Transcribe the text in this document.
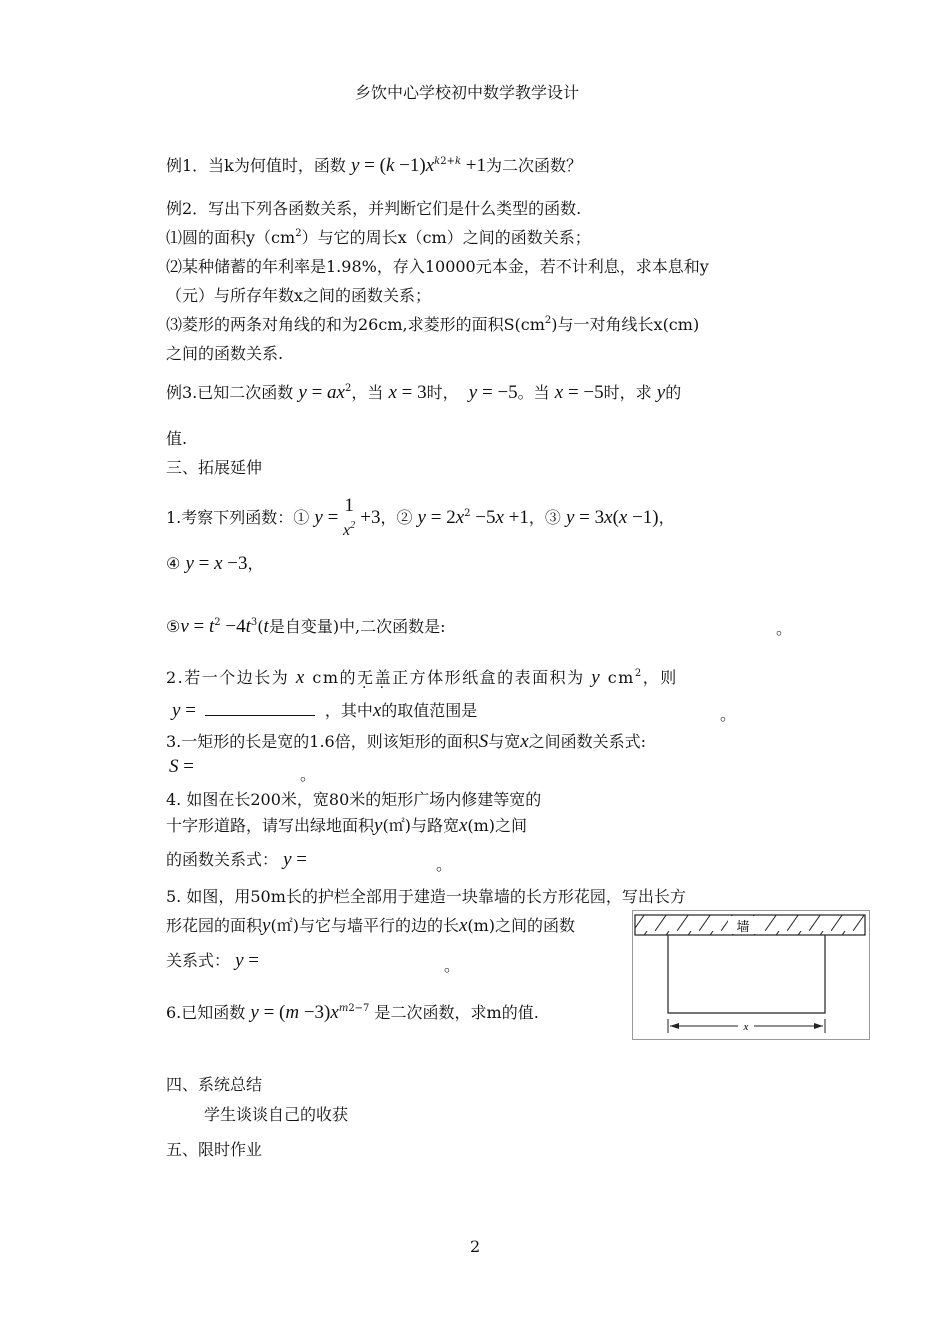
乡饮中心学校初中数学教学设计
例1．当k为何值时，函数 $y = (k -1)x^{k2+k} +1$为二次函数？
例2．写出下列各函数关系，并判断它们是什么类型的函数.
⑴圆的面积$y(cm^2)$与它的周长x（cm）之间的函数关系；
⑵某种储蓄的年利率是1.98%，存入10000元本金，若不计利息，求本息和y
（元）与所存年数x之间的函数关系；
⑶菱形的两条对角线的和为26cm,求菱形的面积$S(cm^2)$与一对角线长x(cm)
之间的函数关系.
例3.已知二次函数 $y = ax^2$，当 x = 3时， y = −5。当 x = −5时，求 y的
值.
三、拓展延伸
1.考察下列函数：① y =
1
$x^2 +3$，② $y = 2x^2 -5x +1$，③ y = 3x(x −1)，
④ y = x −3，
⑤v = $t^2 -4t^3(t$是自变量)中,二次函数是:	。
2.若一个边长为 x cm的无盖正方体形纸盒的表面积为 y $cm^2$，则
y =	，其中x的取值范围是	。
3.一矩形的长是宽的1.6倍，则该矩形的面积S与宽x之间函数关系式:
S =	。
4. 如图在长200米，宽80米的矩形广场内修建等宽的
十字形道路，请写出绿地面积y(㎡)与路宽x(m)之间
的函数关系式： y =	。
5. 如图，用50m长的护栏全部用于建造一块靠墙的长方形花园，写出长方
形花园的面积y(㎡)与它与墙平行的边的长x(m)之间的函数
关系式： y =	。
6.已知函数 $y = (m -3)x^{m2-7}$ 是二次函数，求m的值.
墙
x
四、系统总结
学生谈谈自己的收获
五、限时作业
2
